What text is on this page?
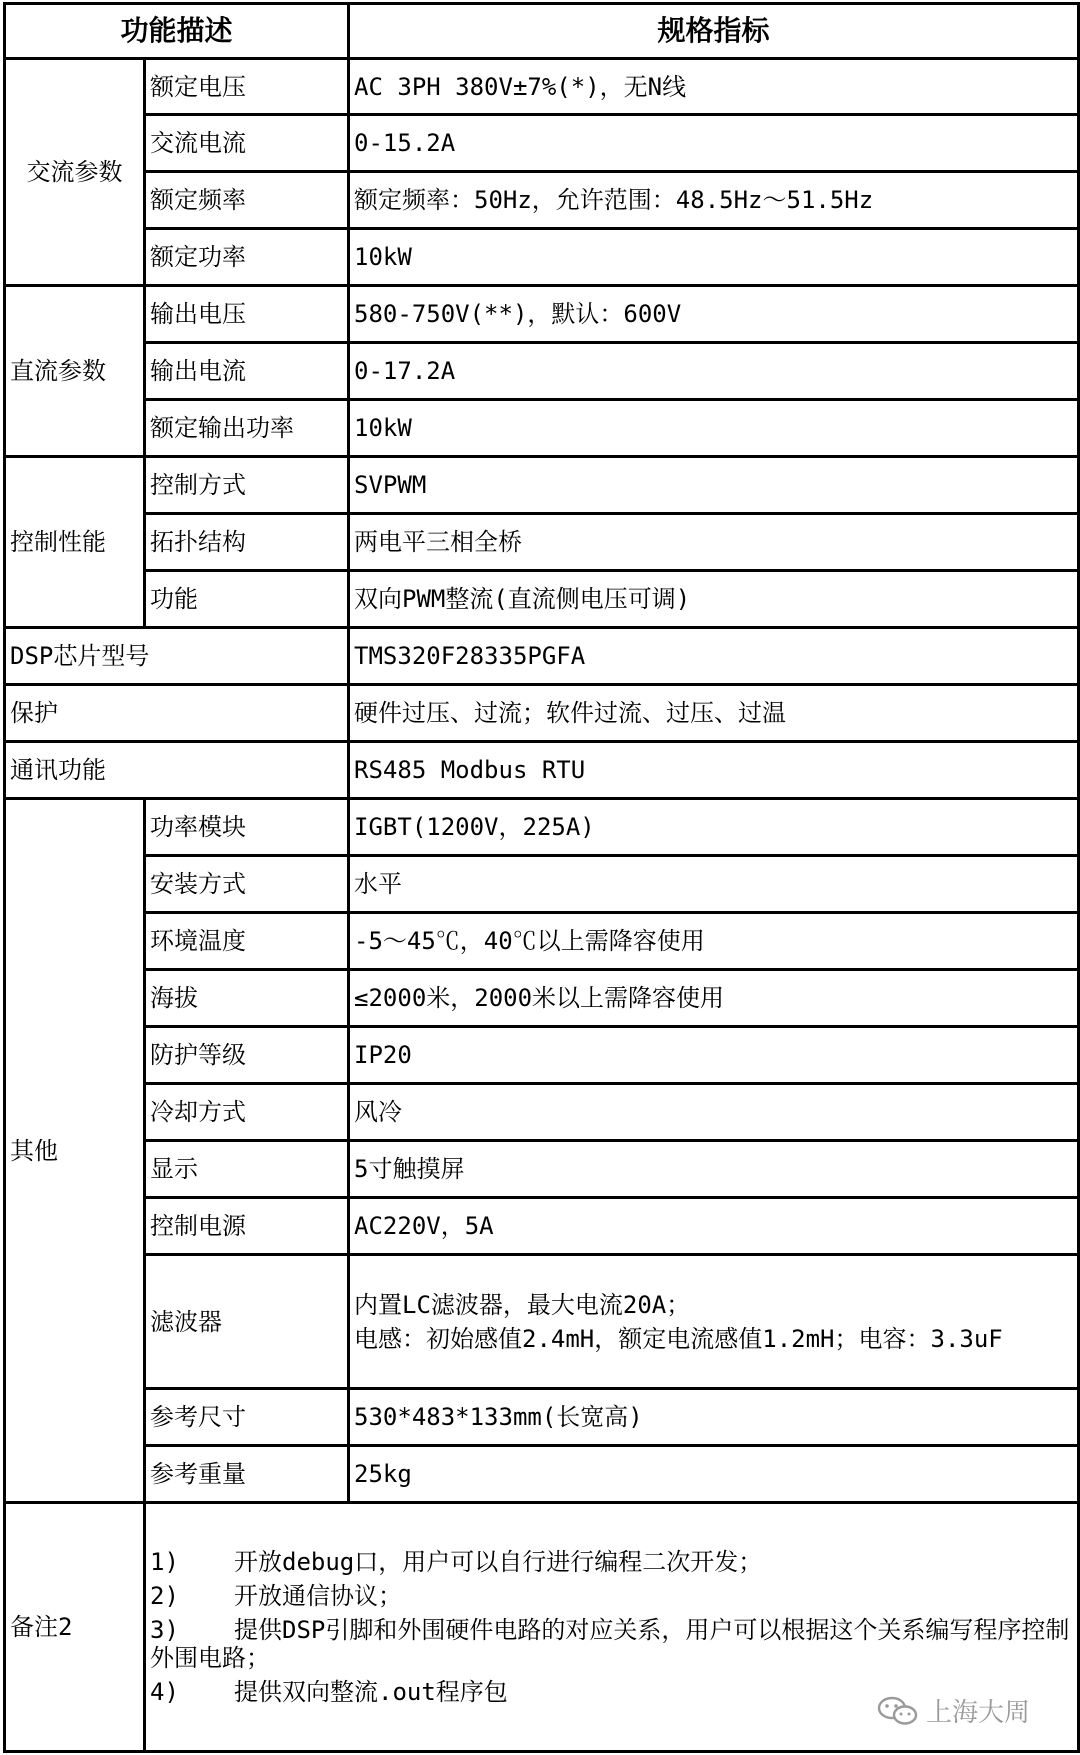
功能描述		规格指标
交流参数	额定电压	AC 3PH 380V±7%(*)，无N线
	交流电流	0-15.2A
	额定频率	额定频率：50Hz，允许范围：48.5Hz～51.5Hz
	额定功率	10kW
直流参数	输出电压	580-750V(**)，默认：600V
	输出电流	0-17.2A
	额定输出功率	10kW
控制性能	控制方式	SVPWM
	拓扑结构	两电平三相全桥
	功能	双向PWM整流(直流侧电压可调)
DSP芯片型号		TMS320F28335PGFA
保护		硬件过压、过流；软件过流、过压、过温
通讯功能		RS485 Modbus RTU
其他	功率模块	IGBT(1200V，225A)
	安装方式	水平
	环境温度	-5～45℃，40℃以上需降容使用
	海拔	≤2000米，2000米以上需降容使用
	防护等级	IP20
	冷却方式	风冷
	显示	5寸触摸屏
	控制电源	AC220V，5A
	滤波器	内置LC滤波器，最大电流20A；
电感：初始感值2.4mH，额定电流感值1.2mH；电容：3.3uF

	参考尺寸	530*483*133mm(长宽高)
	参考重量	25kg
备注2	1) 开放debug口，用户可以自行进行编程二次开发；
2) 开放通信协议；
3) 提供DSP引脚和外围硬件电路的对应关系，用户可以根据这个关系编写程序控制外围电路；
4) 提供双向整流.out程序包	
上海大周
